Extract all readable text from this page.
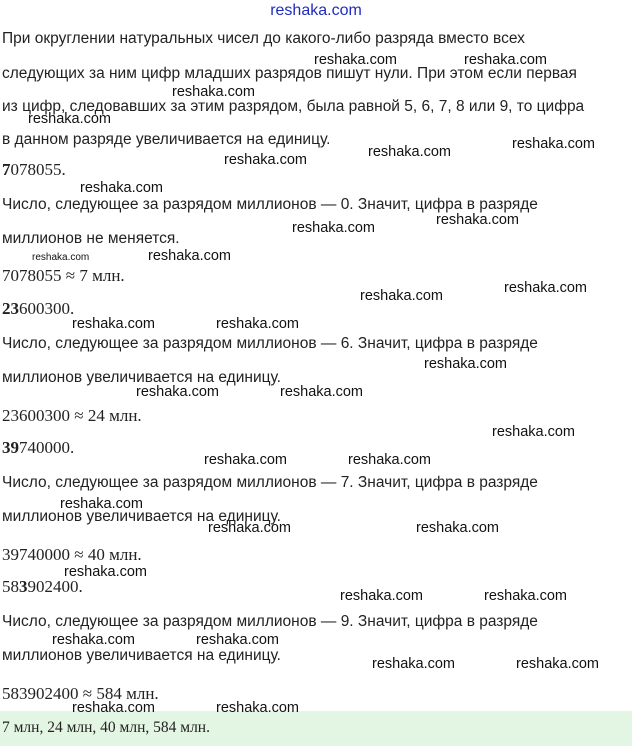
reshaka.com
При округлении натуральных чисел до какого-либо разряда вместо всех
следующих за ним цифр младших разрядов пишут нули. При этом если первая
из цифр, следовавших за этим разрядом, была равной 5, 6, 7, 8 или 9, то цифра
в данном разряде увеличивается на единицу.
7078055.
Число, следующее за разрядом миллионов — 0. Значит, цифра в разряде
миллионов не меняется.
7078055 ≈ 7 млн.
23600300.
Число, следующее за разрядом миллионов — 6. Значит, цифра в разряде
миллионов увеличивается на единицу.
23600300 ≈ 24 млн.
39740000.
Число, следующее за разрядом миллионов — 7. Значит, цифра в разряде
миллионов увеличивается на единицу.
39740000 ≈ 40 млн.
583902400.
Число, следующее за разрядом миллионов — 9. Значит, цифра в разряде
миллионов увеличивается на единицу.
583902400 ≈ 584 млн.
7 млн, 24 млн, 40 млн, 584 млн.
reshaka.com	reshaka.com
reshaka.com
reshaka.com
reshaka.com	reshaka.com
reshaka.com
reshaka.com
reshaka.com
reshaka.com
reshaka.com	reshaka.com
reshaka.com
reshaka.com
reshaka.com	reshaka.com
reshaka.com
reshaka.com	reshaka.com
reshaka.com
reshaka.com	reshaka.com
reshaka.com
reshaka.com
reshaka.com
reshaka.com
reshaka.com	reshaka.com
reshaka.com	reshaka.com
reshaka.com	reshaka.com
reshaka.com	reshaka.com
